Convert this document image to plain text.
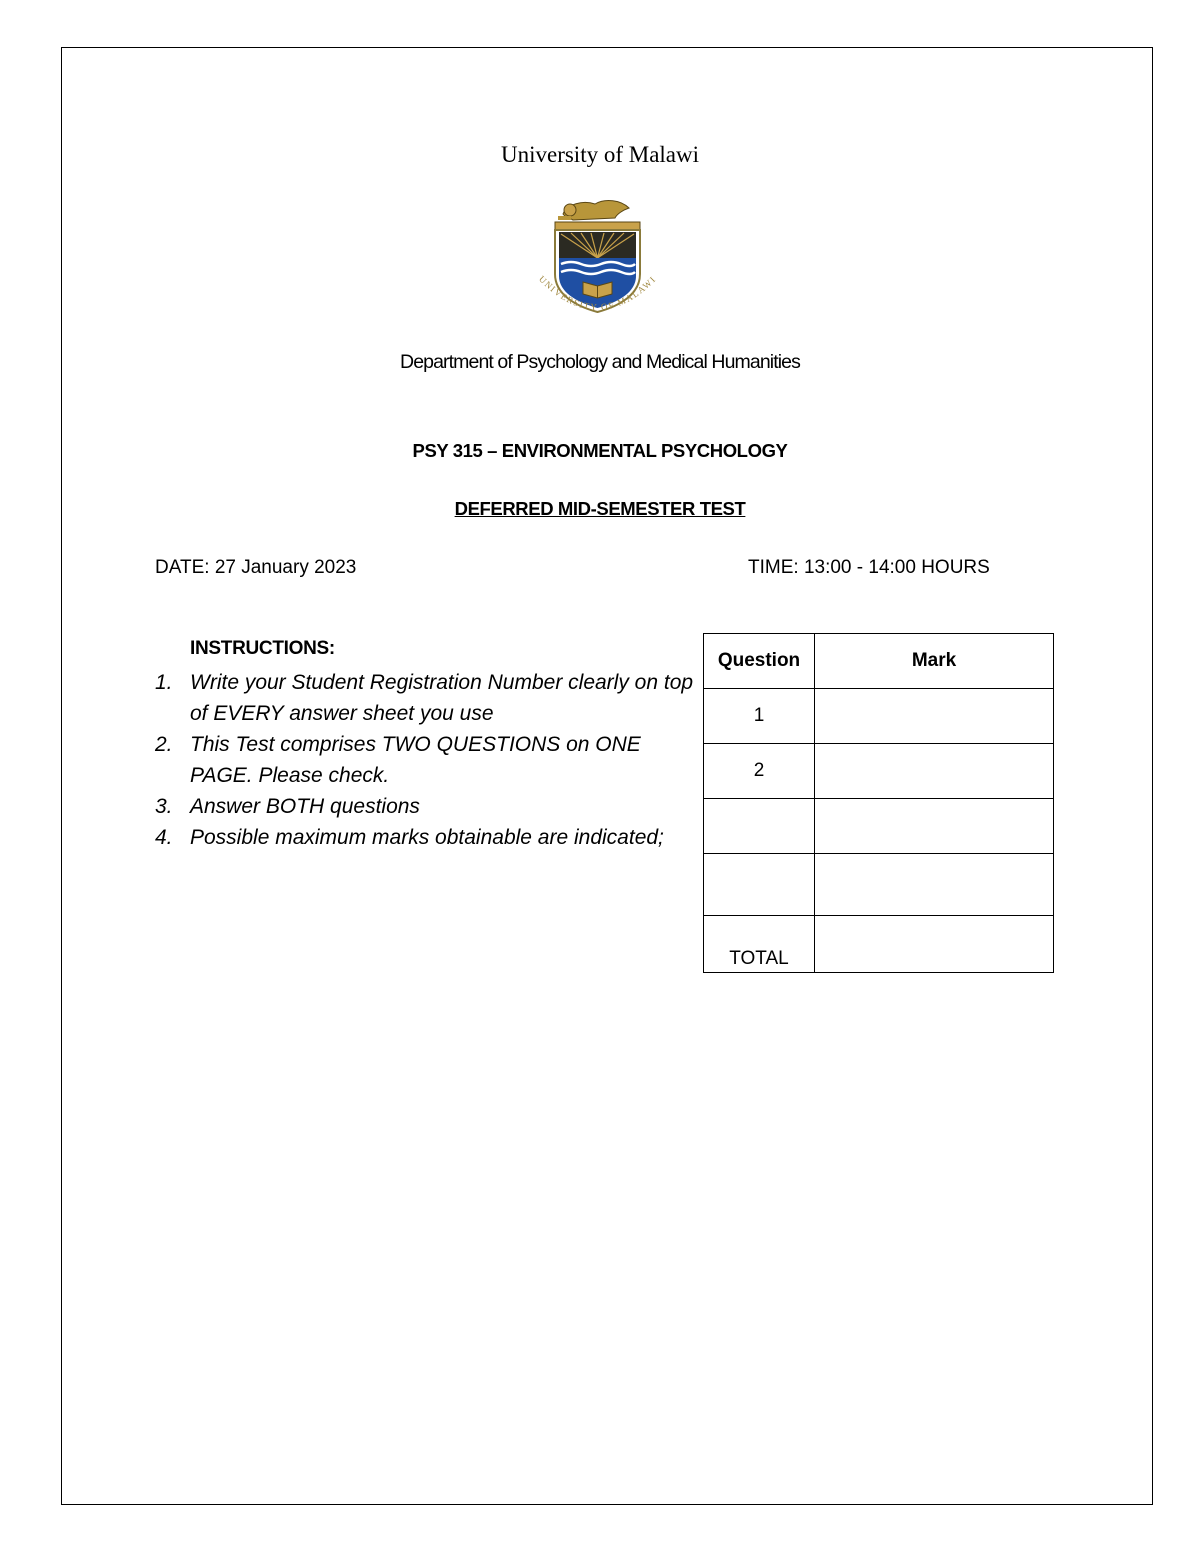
University of Malawi
UNIVERSITY OF MALAWI
Department of Psychology and Medical Humanities
PSY 315 – ENVIRONMENTAL PSYCHOLOGY
DEFERRED MID-SEMESTER TEST
DATE: 27 January 2023	TIME: 13:00 - 14:00 HOURS
INSTRUCTIONS:
1. Write your Student Registration Number clearly on top of EVERY answer sheet you use
2. This Test comprises TWO QUESTIONS on ONE PAGE. Please check.
3. Answer BOTH questions
4. Possible maximum marks obtainable are indicated;
Question	Mark
1	
2	

TOTAL	
